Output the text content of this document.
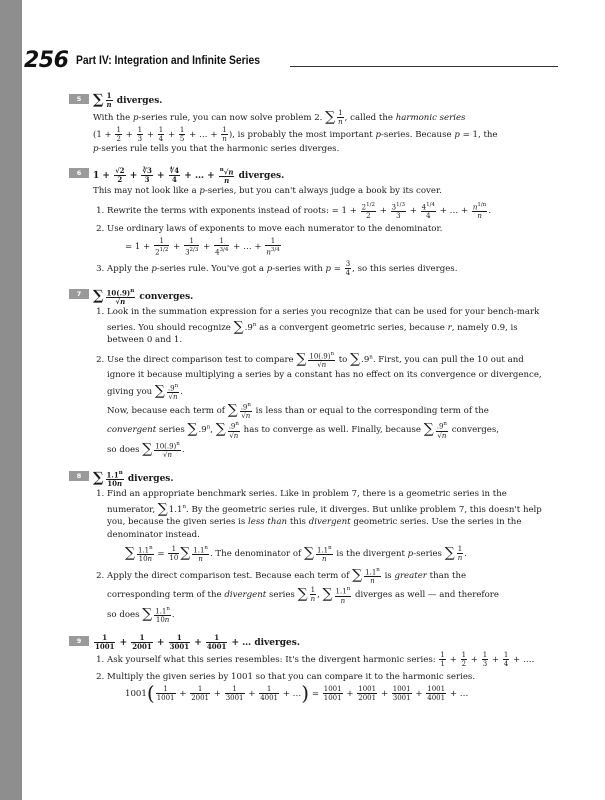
256 Part IV: Integration and Infinite Series
5 ∑ $\frac{1}{n}$ diverges.

With the p-series rule, you can now solve problem 2. ∑ $\frac{1}{n}$ , called the harmonic series
($1 + \frac{1}{2} + \frac{1}{3} + \frac{1}{4} + \frac{1}{5}$ + … + $\frac{1}{n}$ ), is probably the most important p-series. Because p = 1, the
p-series rule tells you that the harmonic series diverges.

6	$1 + \frac{√2}{2} + \frac{∛3}{3} + \frac{∜4}{4}$ + … + $\frac{^n√n}{n}$ diverges.

This may not look like a p-series, but you can't always judge a book by its cover.

1. Rewrite the terms with exponents instead of roots: = $1 + \frac{2^{1/2}}{2} + \frac{3^{1/3}}{3} + \frac{4^{1/4}}{4}$ + … + $\frac{n^{1/n}}{n}$ .
2. Use ordinary laws of exponents to move each numerator to the denominator.
= $1 + \frac{1}{2^{1/2}} + \frac{1}{3^{2/3}} + \frac{1}{4^{3/4}}$ + … + $\frac{1}{n^{3/4}}$
3. Apply the p-series rule. You've got a p-series with $p = \frac{3}{4}$ , so this series diverges.
7 ∑ $\frac{10(.9)^n}{√n}$ converges.
1. Look in the summation expression for a series you recognize that can be used for your bench-mark series. You should recognize ∑.9$^n$ as a convergent geometric series, because r, namely 0.9, is between 0 and 1.
2. Use the direct comparison test to compare ∑ $\frac{10(.9)^n}{√n}$ to ∑.9$^n$. First, you can pull the 10 out and ignore it because multiplying a series by a constant has no effect on its convergence or divergence, giving you ∑ $\frac{.9^n}{√n}$ .
Now, because each term of ∑ $\frac{.9^n}{√n}$ is less than or equal to the corresponding term of the
convergent series ∑.9$^n$, ∑ $\frac{.9^n}{√n}$ has to converge as well. Finally, because ∑ $\frac{.9^n}{√n}$ converges,
so does ∑ $\frac{10(.9)^n}{√n}$ .
8 ∑ $\frac{1.1^n}{10n}$ diverges.
1. Find an appropriate benchmark series. Like in problem 7, there is a geometric series in the numerator, ∑1.1$^n$. By the geometric series rule, it diverges. But unlike problem 7, this doesn't help you, because the given series is less than this divergent geometric series. Use the series in the denominator instead.
∑ $\frac{1.1^n}{10n} = \frac{1}{10}$ ∑ $\frac{1.1^n}{n}$ . The denominator of ∑ $\frac{1.1^n}{n}$ is the divergent p-series ∑ $\frac{1}{n}$ .
2. Apply the direct comparison test. Because each term of ∑ $\frac{1.1^n}{n}$ is greater than the
corresponding term of the divergent series ∑ $\frac{1}{n}$ , ∑ $\frac{1.1^n}{n}$ diverges as well — and therefore
so does ∑ $\frac{1.1^n}{10n}$ .
9	$\frac{1}{1001} + \frac{1}{2001} + \frac{1}{3001} + \frac{1}{4001}$ + … diverges.
1. Ask yourself what this series resembles: It's the divergent harmonic series: $\frac{1}{1} + \frac{1}{2} + \frac{1}{3} + \frac{1}{4}$ + ….
2. Multiply the given series by 1001 so that you can compare it to the harmonic series.
$1001( \frac{1}{1001} + \frac{1}{2001} + \frac{1}{3001} + \frac{1}{4001}$ + …) = $\frac{1001}{1001} + \frac{1001}{2001} + \frac{1001}{3001} + \frac{1001}{4001}$ + …
